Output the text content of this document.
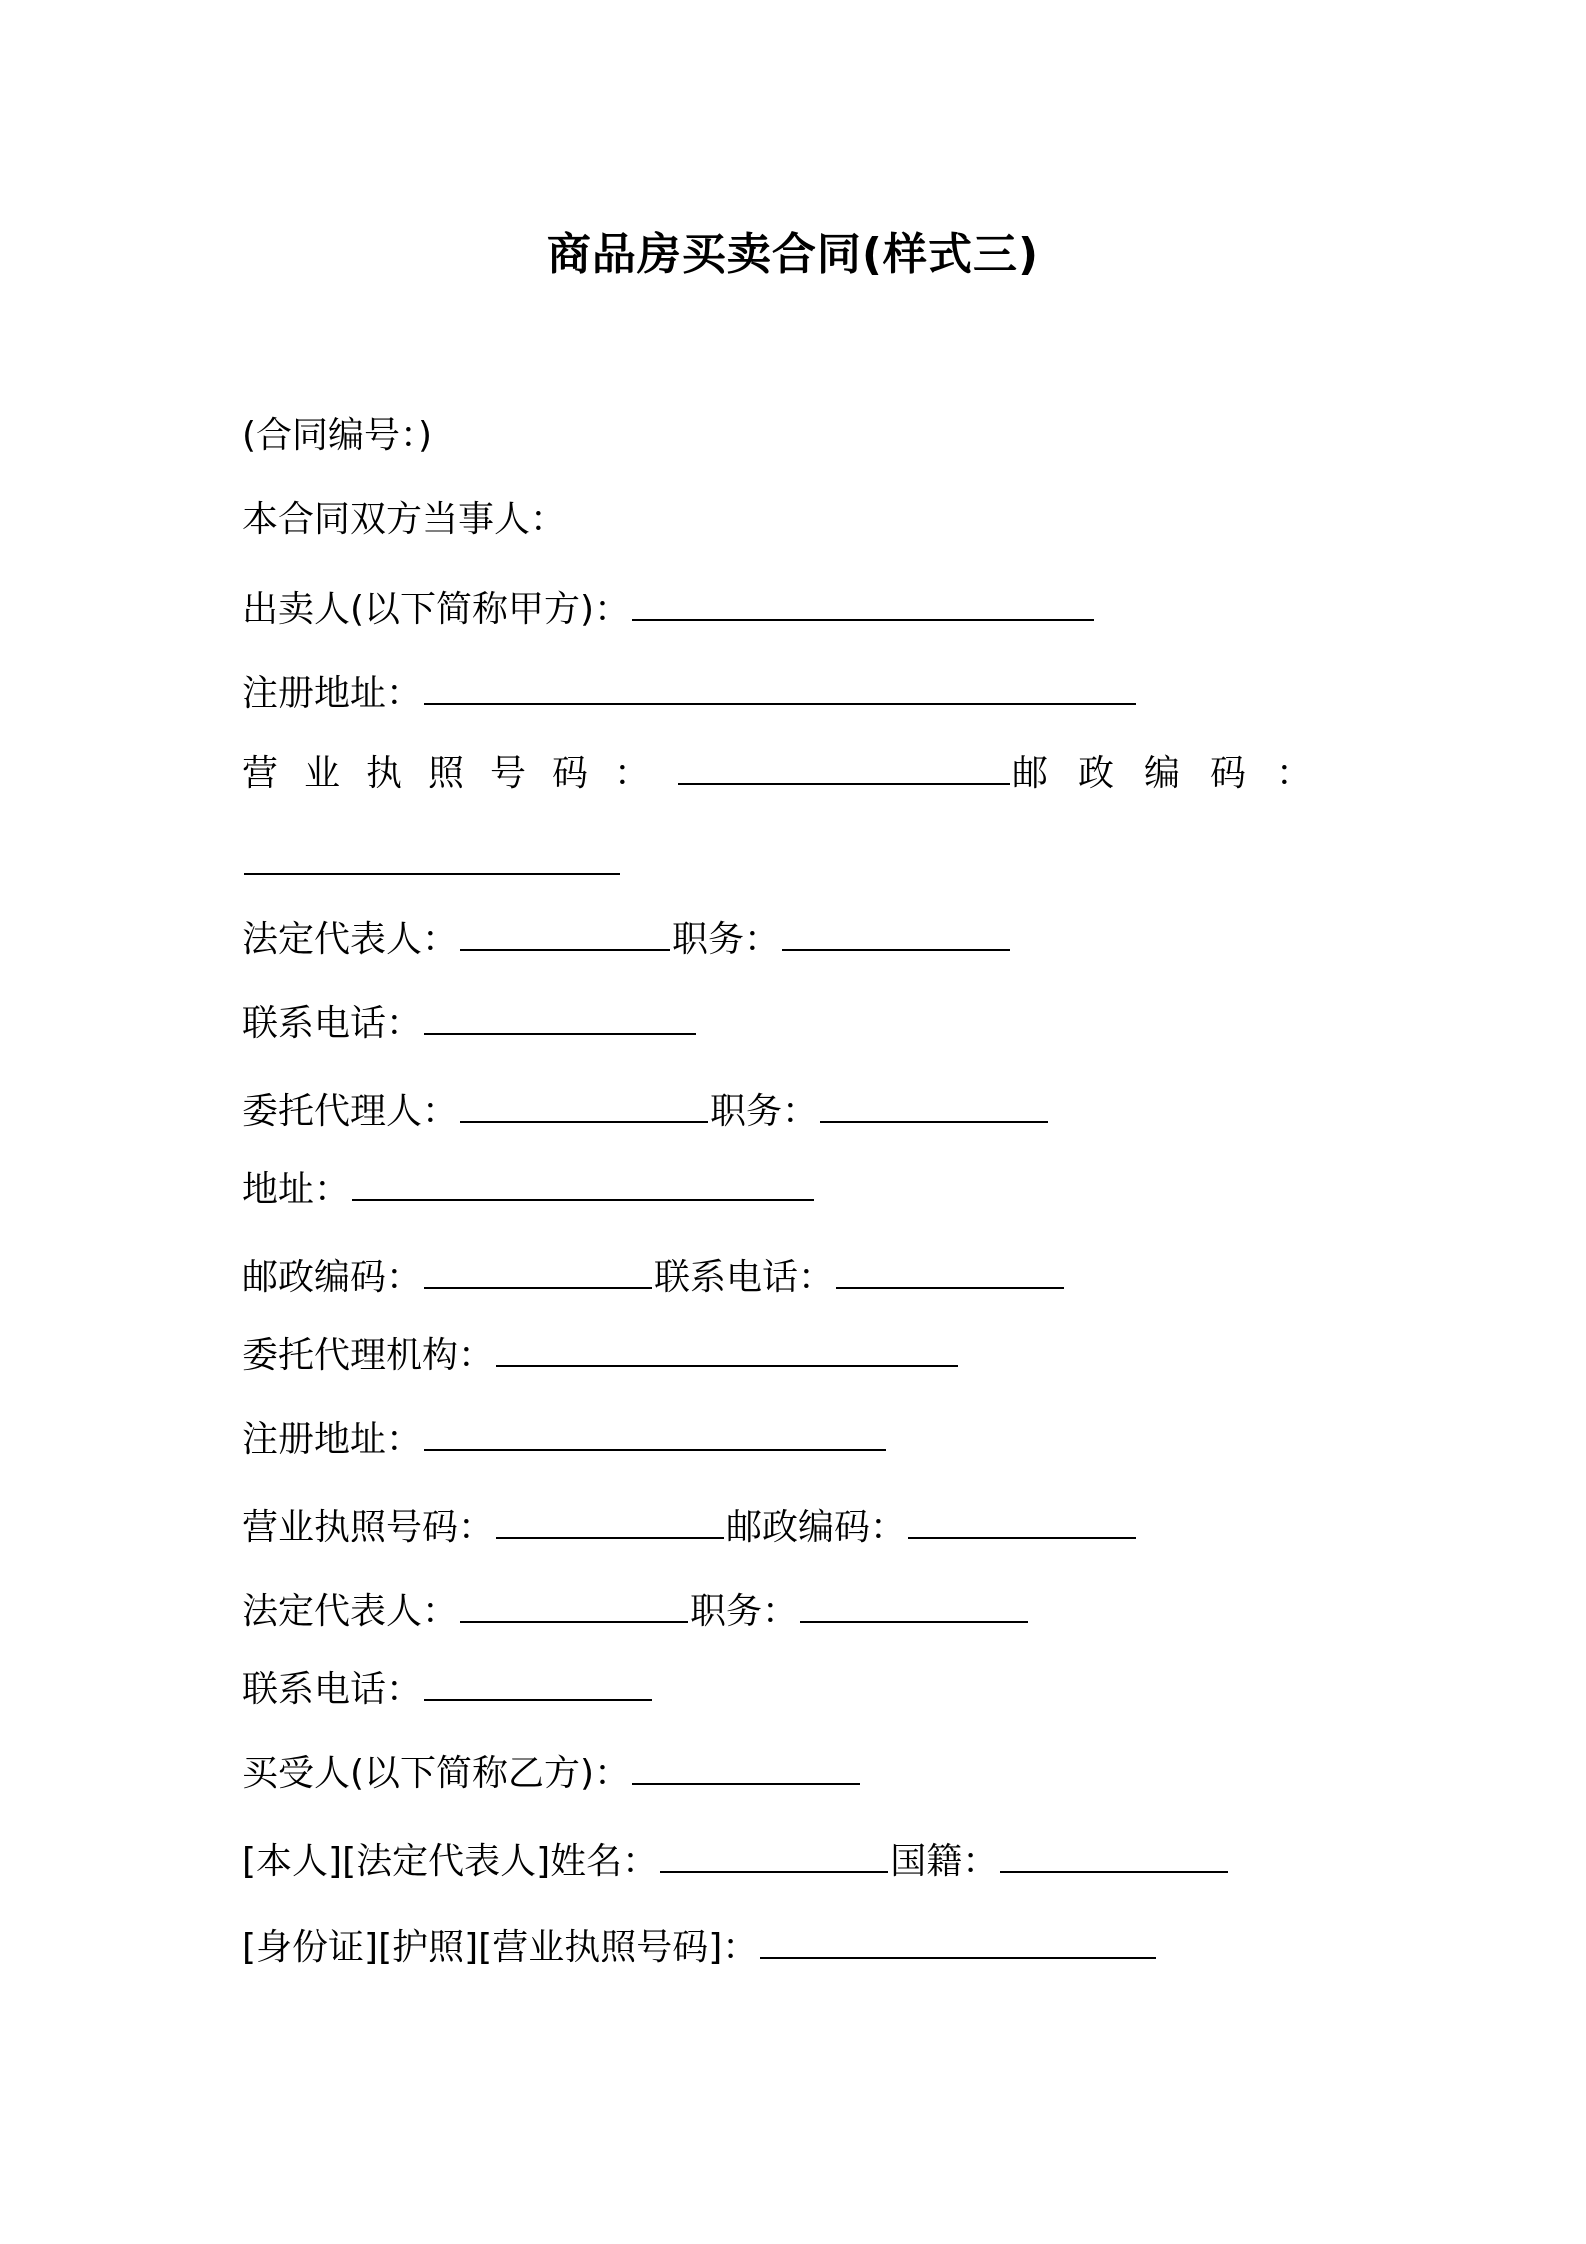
商品房买卖合同(样式三)
(合同编号：)
本合同双方当事人：
出卖人(以下简称甲方)：
注册地址：
营业执照号码：	邮政编码：
法定代表人：	职务：
联系电话：
委托代理人：	职务：
地址：
邮政编码：	联系电话：
委托代理机构：
注册地址：
营业执照号码：	邮政编码：
法定代表人：	职务：
联系电话：
买受人(以下简称乙方)：
[本人][法定代表人]姓名：	国籍：
[身份证][护照][营业执照号码]：
